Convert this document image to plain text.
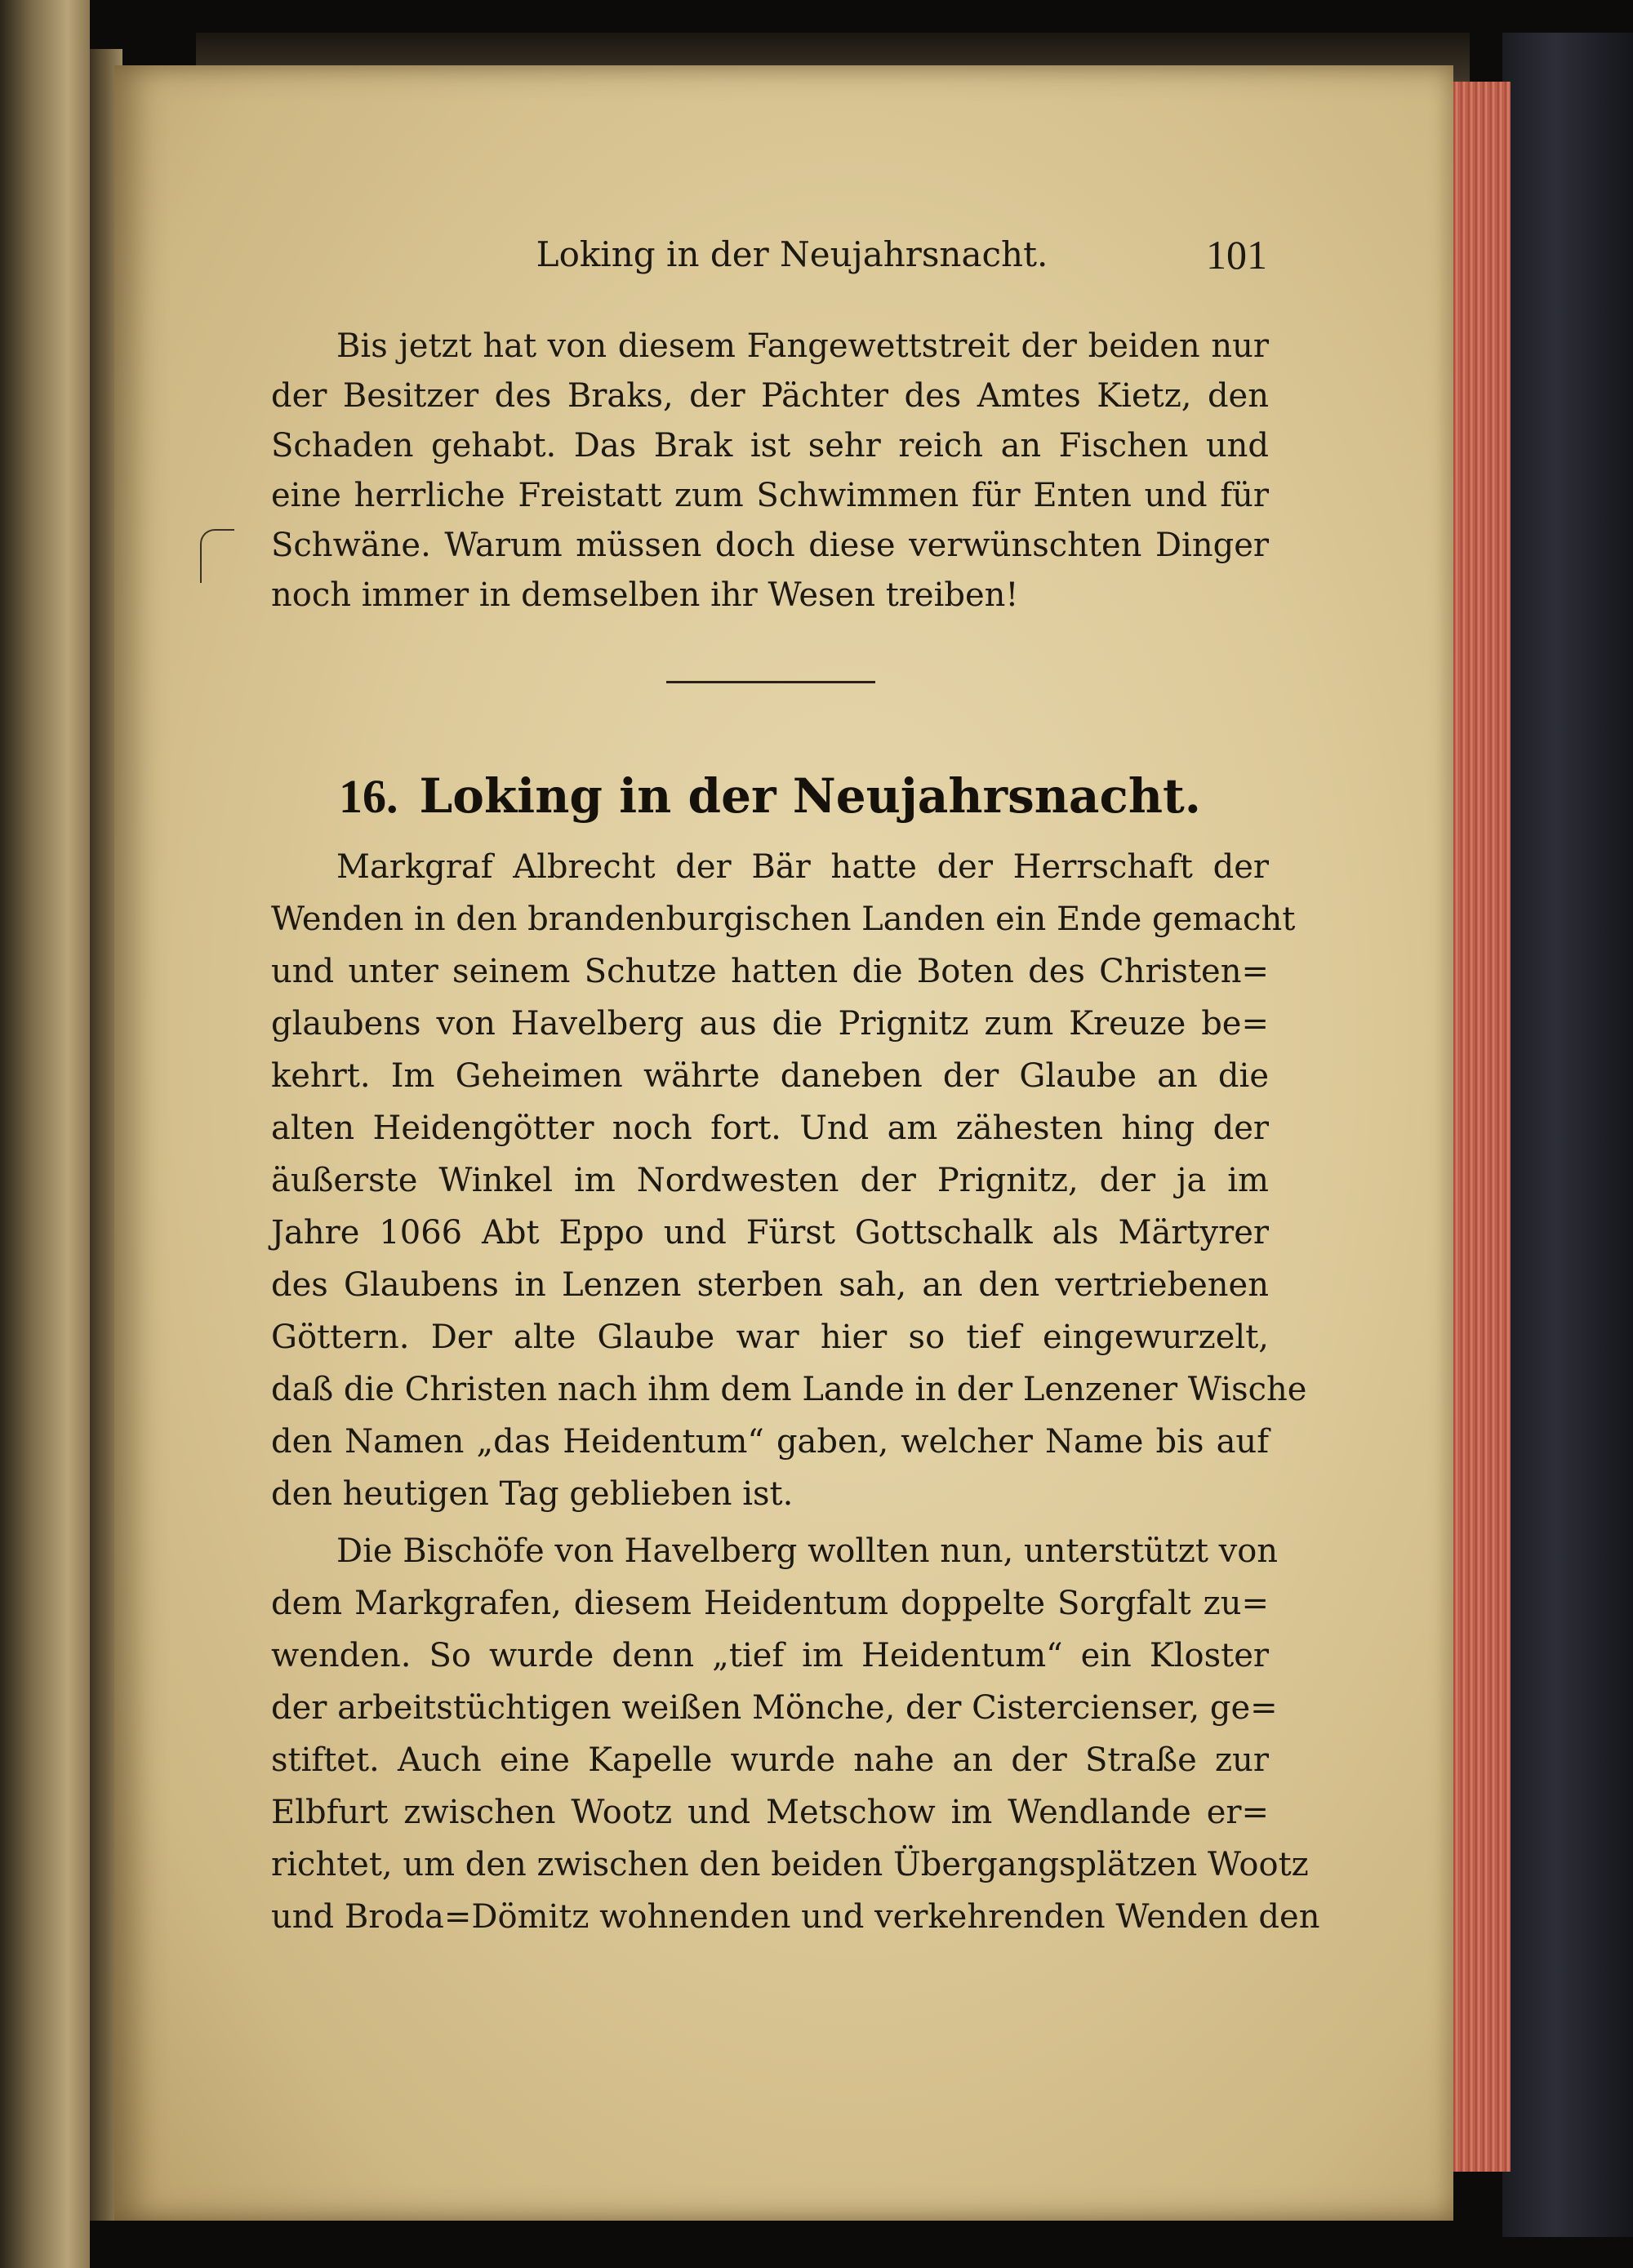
Loking in der Neujahrsnacht.	101
Bis jetzt hat von diesem Fangewettstreit der beiden nur
der Besitzer des Braks, der Pächter des Amtes Kietz, den
Schaden gehabt. Das Brak ist sehr reich an Fischen und
eine herrliche Freistatt zum Schwimmen für Enten und für
Schwäne. Warum müssen doch diese verwünschten Dinger
noch immer in demselben ihr Wesen treiben!
16. Loking in der Neujahrsnacht.
Markgraf Albrecht der Bär hatte der Herrschaft der
Wenden in den brandenburgischen Landen ein Ende gemacht
und unter seinem Schutze hatten die Boten des Christen=
glaubens von Havelberg aus die Prignitz zum Kreuze be=
kehrt. Im Geheimen währte daneben der Glaube an die
alten Heidengötter noch fort. Und am zähesten hing der
äußerste Winkel im Nordwesten der Prignitz, der ja im
Jahre 1066 Abt Eppo und Fürst Gottschalk als Märtyrer
des Glaubens in Lenzen sterben sah, an den vertriebenen
Göttern. Der alte Glaube war hier so tief eingewurzelt,
daß die Christen nach ihm dem Lande in der Lenzener Wische
den Namen „das Heidentum“ gaben, welcher Name bis auf
den heutigen Tag geblieben ist.
Die Bischöfe von Havelberg wollten nun, unterstützt von
dem Markgrafen, diesem Heidentum doppelte Sorgfalt zu=
wenden. So wurde denn „tief im Heidentum“ ein Kloster
der arbeitstüchtigen weißen Mönche, der Cistercienser, ge=
stiftet. Auch eine Kapelle wurde nahe an der Straße zur
Elbfurt zwischen Wootz und Metschow im Wendlande er=
richtet, um den zwischen den beiden Übergangsplätzen Wootz
und Broda=Dömitz wohnenden und verkehrenden Wenden den
